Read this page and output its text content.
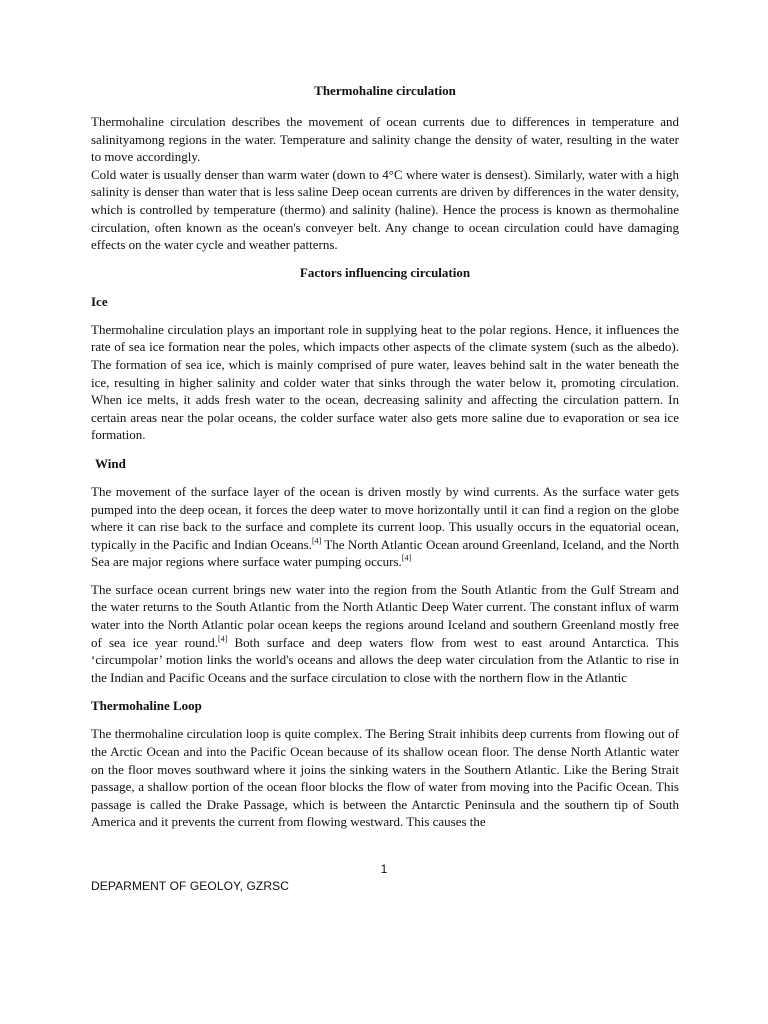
Thermohaline circulation

Thermohaline circulation describes the movement of ocean currents due to differences in temperature and salinityamong regions in the water. Temperature and salinity change the density of water, resulting in the water to move accordingly.

Cold water is usually denser than warm water (down to 4°C where water is densest). Similarly, water with a high salinity is denser than water that is less saline Deep ocean currents are driven by differences in the water density, which is controlled by temperature (thermo) and salinity (haline). Hence the process is known as thermohaline circulation, often known as the ocean's conveyer belt. Any change to ocean circulation could have damaging effects on the water cycle and weather patterns.

Factors influencing circulation
Ice

Thermohaline circulation plays an important role in supplying heat to the polar regions. Hence, it influences the rate of sea ice formation near the poles, which impacts other aspects of the climate system (such as the albedo). The formation of sea ice, which is mainly comprised of pure water, leaves behind salt in the water beneath the ice, resulting in higher salinity and colder water that sinks through the water below it, promoting circulation. When ice melts, it adds fresh water to the ocean, decreasing salinity and affecting the circulation pattern. In certain areas near the polar oceans, the colder surface water also gets more saline due to evaporation or sea ice formation.

Wind

The movement of the surface layer of the ocean is driven mostly by wind currents. As the surface water gets pumped into the deep ocean, it forces the deep water to move horizontally until it can find a region on the globe where it can rise back to the surface and complete its current loop. This usually occurs in the equatorial ocean, typically in the Pacific and Indian Oceans.[4] The North Atlantic Ocean around Greenland, Iceland, and the North Sea are major regions where surface water pumping occurs.[4]

The surface ocean current brings new water into the region from the South Atlantic from the Gulf Stream and the water returns to the South Atlantic from the North Atlantic Deep Water current. The constant influx of warm water into the North Atlantic polar ocean keeps the regions around Iceland and southern Greenland mostly free of sea ice year round.[4] Both surface and deep waters flow from west to east around Antarctica. This ‘circumpolar’ motion links the world's oceans and allows the deep water circulation from the Atlantic to rise in the Indian and Pacific Oceans and the surface circulation to close with the northern flow in the Atlantic

Thermohaline Loop

The thermohaline circulation loop is quite complex. The Bering Strait inhibits deep currents from flowing out of the Arctic Ocean and into the Pacific Ocean because of its shallow ocean floor. The dense North Atlantic water on the floor moves southward where it joins the sinking waters in the Southern Atlantic. Like the Bering Strait passage, a shallow portion of the ocean floor blocks the flow of water from moving into the Pacific Ocean. This passage is called the Drake Passage, which is between the Antarctic Peninsula and the southern tip of South America and it prevents the current from flowing westward. This causes the

1
DEPARMENT OF GEOLOY, GZRSC
